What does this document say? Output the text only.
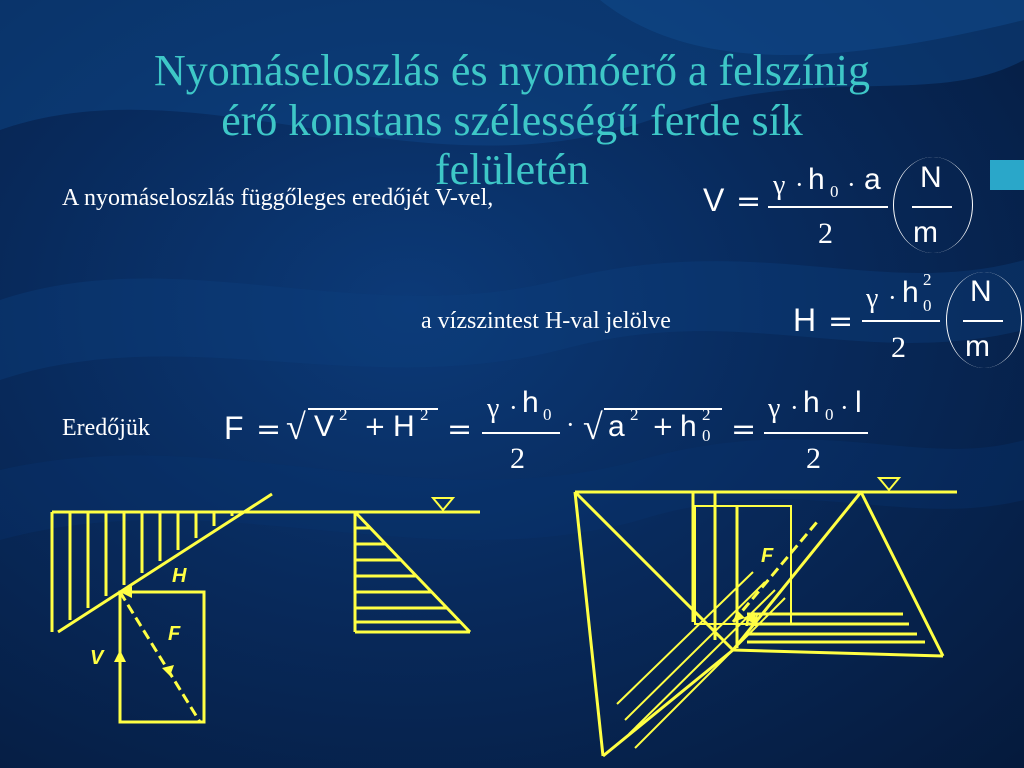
Nyomáseloszlás és nyomóerő a felszínig
érő konstans szélességű ferde sík
felületén
A nyomáseloszlás függőleges eredőjét V-vel,
a vízszintest H-val jelölve
Eredőjük
V = γ · h 0 · a
2
N
m
H =
γ · h 2
0
2
N
m
F = √ V 2 + H 2 =
γ · h 0
2
· √ a 2 + h 2
0 =
γ · h 0 · l
2
H
F
V
F
H
